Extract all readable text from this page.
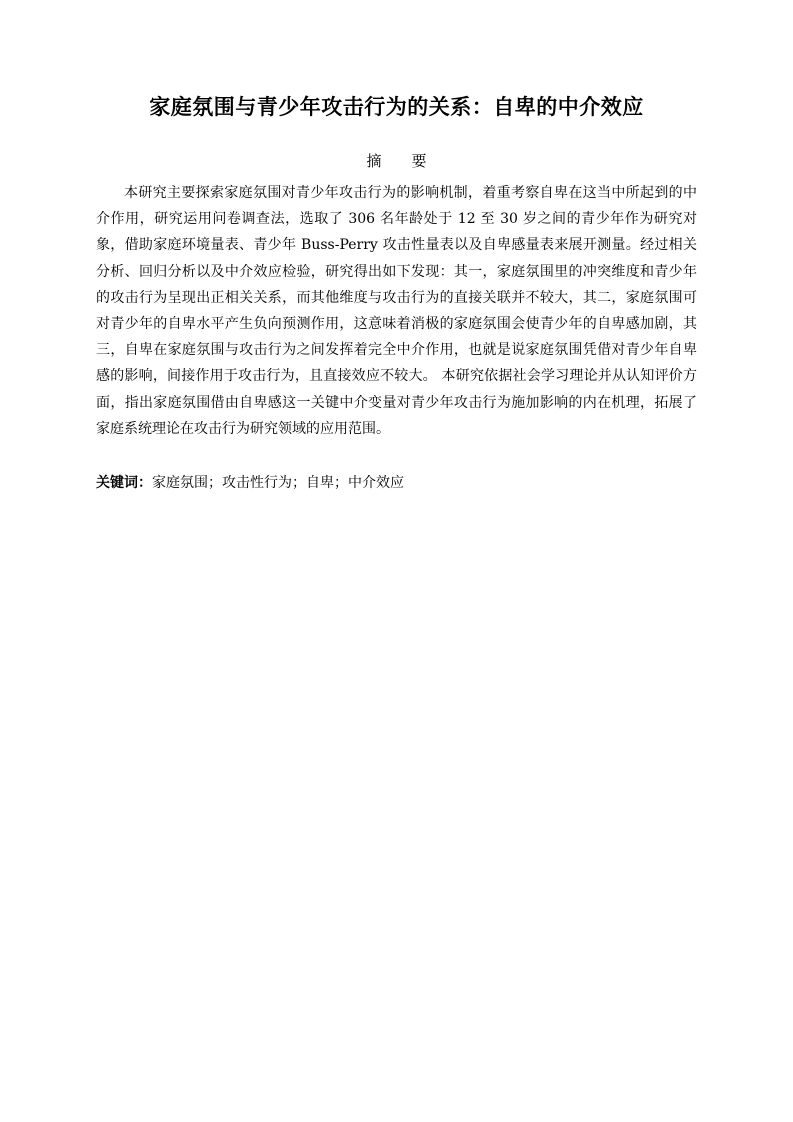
家庭氛围与青少年攻击行为的关系：自卑的中介效应
摘要

本研究主要探索家庭氛围对青少年攻击行为的影响机制，着重考察自卑在这当中所起到的中介作用，研究运用问卷调查法，选取了 306 名年龄处于 12 至 30 岁之间的青少年作为研究对象，借助家庭环境量表、青少年 Buss-Perry 攻击性量表以及自卑感量表来展开测量。经过相关分析、回归分析以及中介效应检验，研究得出如下发现：其一，家庭氛围里的冲突维度和青少年的攻击行为呈现出正相关关系，而其他维度与攻击行为的直接关联并不较大，其二，家庭氛围可对青少年的自卑水平产生负向预测作用，这意味着消极的家庭氛围会使青少年的自卑感加剧，其三，自卑在家庭氛围与攻击行为之间发挥着完全中介作用，也就是说家庭氛围凭借对青少年自卑感的影响，间接作用于攻击行为，且直接效应不较大。 本研究依据社会学习理论并从认知评价方面，指出家庭氛围借由自卑感这一关键中介变量对青少年攻击行为施加影响的内在机理，拓展了家庭系统理论在攻击行为研究领域的应用范围。

关键词：家庭氛围；攻击性行为；自卑；中介效应
